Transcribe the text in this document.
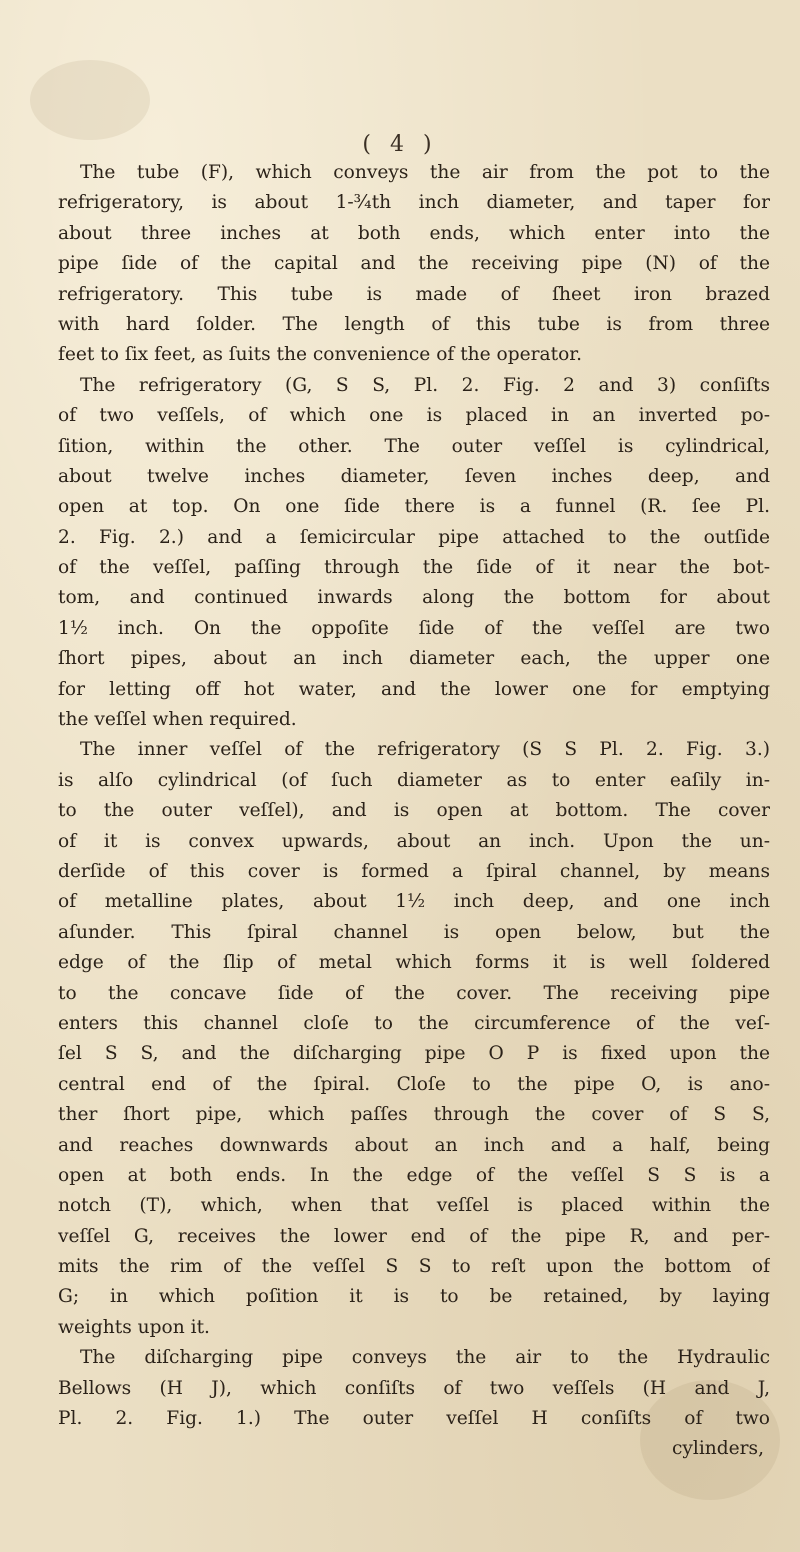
( 4 )
The tube (F), which conveys the air from the pot to the
refrigeratory, is about 1-¾th inch diameter, and taper for
about three inches at both ends, which enter into the
pipe ſide of the capital and the receiving pipe (N) of the
refrigeratory. This tube is made of ſheet iron brazed
with hard ſolder. The length of this tube is from three
feet to ſix feet, as ſuits the convenience of the operator.
The refrigeratory (G, S S, Pl. 2. Fig. 2 and 3) conſiſts
of two veſſels, of which one is placed in an inverted po-
ſition, within the other. The outer veſſel is cylindrical,
about twelve inches diameter, ſeven inches deep, and
open at top. On one ſide there is a funnel (R. ſee Pl.
2. Fig. 2.) and a ſemicircular pipe attached to the outſide
of the veſſel, paſſing through the ſide of it near the bot-
tom, and continued inwards along the bottom for about
1½ inch. On the oppoſite ſide of the veſſel are two
ſhort pipes, about an inch diameter each, the upper one
for letting off hot water, and the lower one for emptying
the veſſel when required.
The inner veſſel of the refrigeratory (S S Pl. 2. Fig. 3.)
is alſo cylindrical (of ſuch diameter as to enter eaſily in-
to the outer veſſel), and is open at bottom. The cover
of it is convex upwards, about an inch. Upon the un-
derſide of this cover is formed a ſpiral channel, by means
of metalline plates, about 1½ inch deep, and one inch
aſunder. This ſpiral channel is open below, but the
edge of the ſlip of metal which forms it is well ſoldered
to the concave ſide of the cover. The receiving pipe
enters this channel cloſe to the circumference of the veſ-
ſel S S, and the diſcharging pipe O P is fixed upon the
central end of the ſpiral. Cloſe to the pipe O, is ano-
ther ſhort pipe, which paſſes through the cover of S S,
and reaches downwards about an inch and a half, being
open at both ends. In the edge of the veſſel S S is a
notch (T), which, when that veſſel is placed within the
veſſel G, receives the lower end of the pipe R, and per-
mits the rim of the veſſel S S to reſt upon the bottom of
G; in which poſition it is to be retained, by laying
weights upon it.
The diſcharging pipe conveys the air to the Hydraulic
Bellows (H J), which conſiſts of two veſſels (H and J,
Pl. 2. Fig. 1.) The outer veſſel H conſiſts of two
cylinders,
